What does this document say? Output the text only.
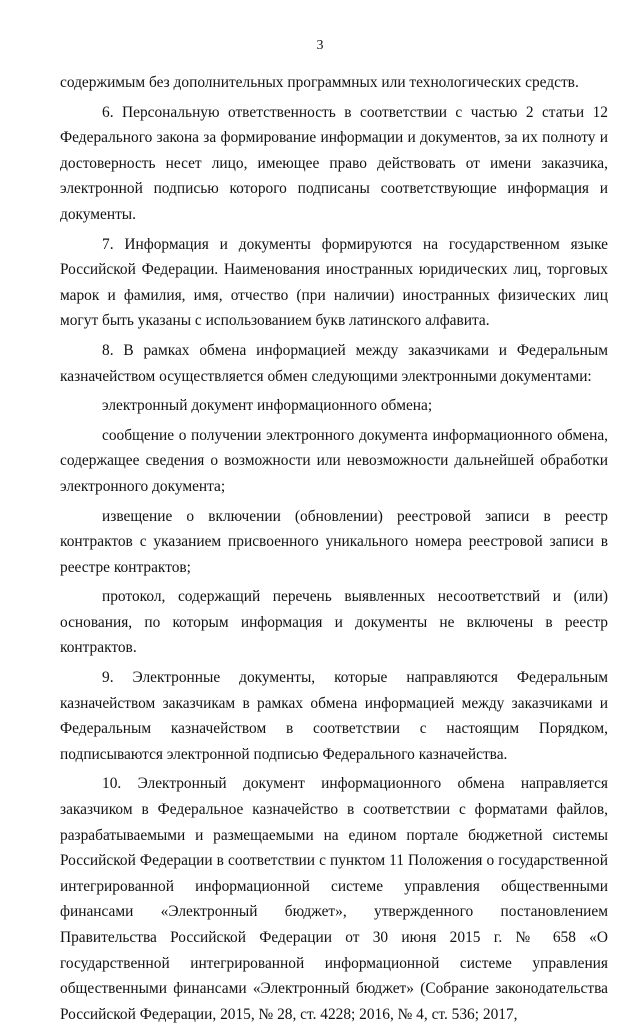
3

содержимым без дополнительных программных или технологических средств.

6. Персональную ответственность в соответствии с частью 2 статьи 12 Федерального закона за формирование информации и документов, за их полноту и достоверность несет лицо, имеющее право действовать от имени заказчика, электронной подписью которого подписаны соответствующие информация и документы.

7. Информация и документы формируются на государственном языке Российской Федерации. Наименования иностранных юридических лиц, торговых марок и фамилия, имя, отчество (при наличии) иностранных физических лиц могут быть указаны с использованием букв латинского алфавита.

8. В рамках обмена информацией между заказчиками и Федеральным казначейством осуществляется обмен следующими электронными документами:

электронный документ информационного обмена;

сообщение о получении электронного документа информационного обмена, содержащее сведения о возможности или невозможности дальнейшей обработки электронного документа;

извещение о включении (обновлении) реестровой записи в реестр контрактов с указанием присвоенного уникального номера реестровой записи в реестре контрактов;

протокол, содержащий перечень выявленных несоответствий и (или) основания, по которым информация и документы не включены в реестр контрактов.

9. Электронные документы, которые направляются Федеральным казначейством заказчикам в рамках обмена информацией между заказчиками и Федеральным казначейством в соответствии с настоящим Порядком, подписываются электронной подписью Федерального казначейства.

10. Электронный документ информационного обмена направляется заказчиком в Федеральное казначейство в соответствии с форматами файлов, разрабатываемыми и размещаемыми на едином портале бюджетной системы Российской Федерации в соответствии с пунктом 11 Положения о государственной интегрированной информационной системе управления общественными финансами «Электронный бюджет», утвержденного постановлением Правительства Российской Федерации от 30 июня 2015 г. № 658 «О государственной интегрированной информационной системе управления общественными финансами «Электронный бюджет» (Собрание законодательства Российской Федерации, 2015, № 28, ст. 4228; 2016, № 4, ст. 536; 2017,
